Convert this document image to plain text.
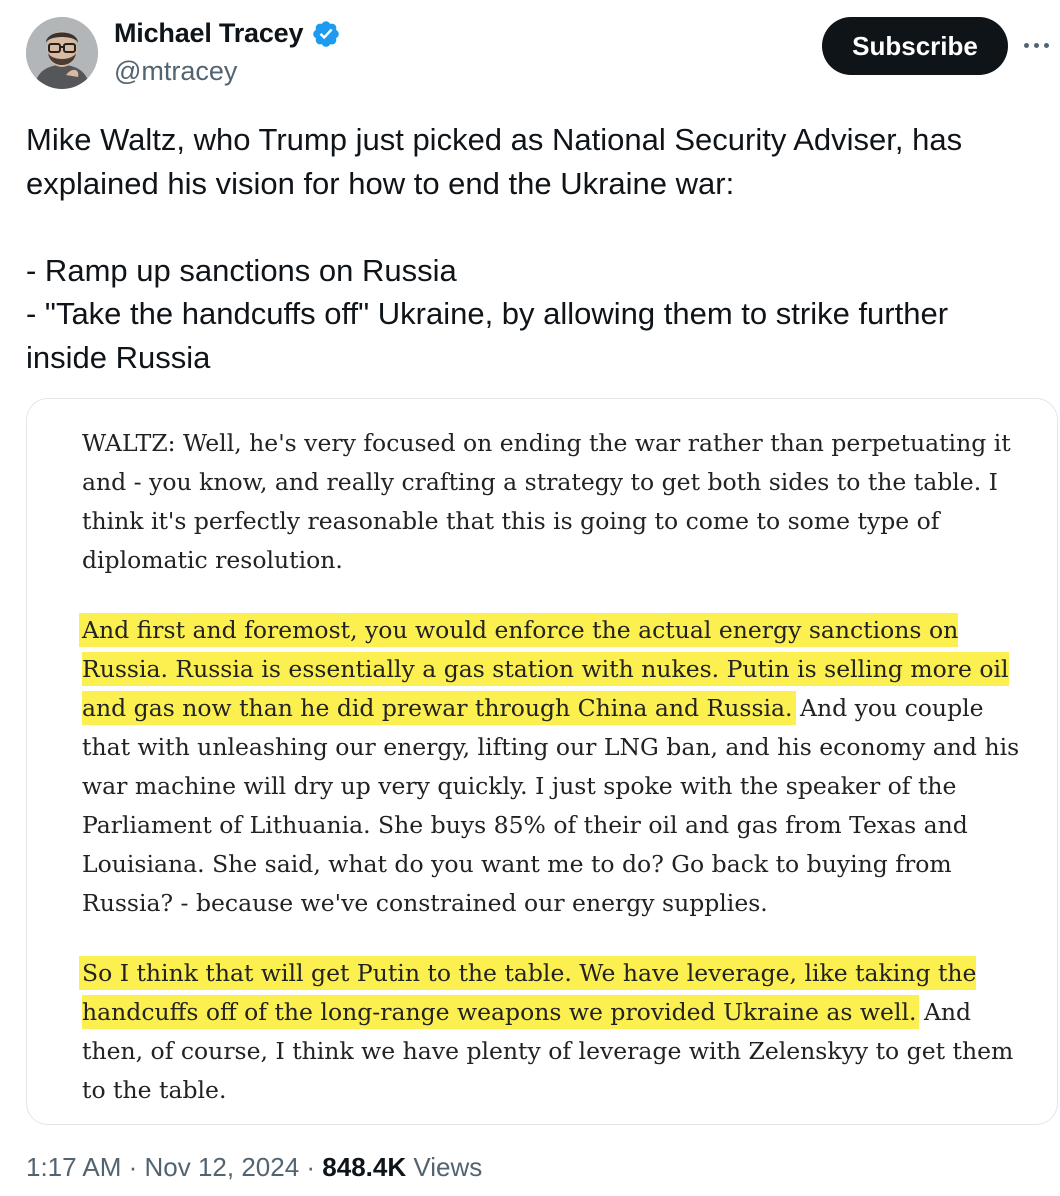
Michael Tracey
@mtracey
Subscribe
Mike Waltz, who Trump just picked as National Security Adviser, has explained his vision for how to end the Ukraine war:

- Ramp up sanctions on Russia
- "Take the handcuffs off" Ukraine, by allowing them to strike further inside Russia

WALTZ: Well, he's very focused on ending the war rather than perpetuating it and - you know, and really crafting a strategy to get both sides to the table. I think it's perfectly reasonable that this is going to come to some type of diplomatic resolution.

And first and foremost, you would enforce the actual energy sanctions on Russia. Russia is essentially a gas station with nukes. Putin is selling more oil and gas now than he did prewar through China and Russia. And you couple that with unleashing our energy, lifting our LNG ban, and his economy and his war machine will dry up very quickly. I just spoke with the speaker of the Parliament of Lithuania. She buys 85% of their oil and gas from Texas and Louisiana. She said, what do you want me to do? Go back to buying from Russia? - because we've constrained our energy supplies.

So I think that will get Putin to the table. We have leverage, like taking the handcuffs off of the long-range weapons we provided Ukraine as well. And then, of course, I think we have plenty of leverage with Zelenskyy to get them to the table.

1:17 AM · Nov 12, 2024 · 848.4K Views
